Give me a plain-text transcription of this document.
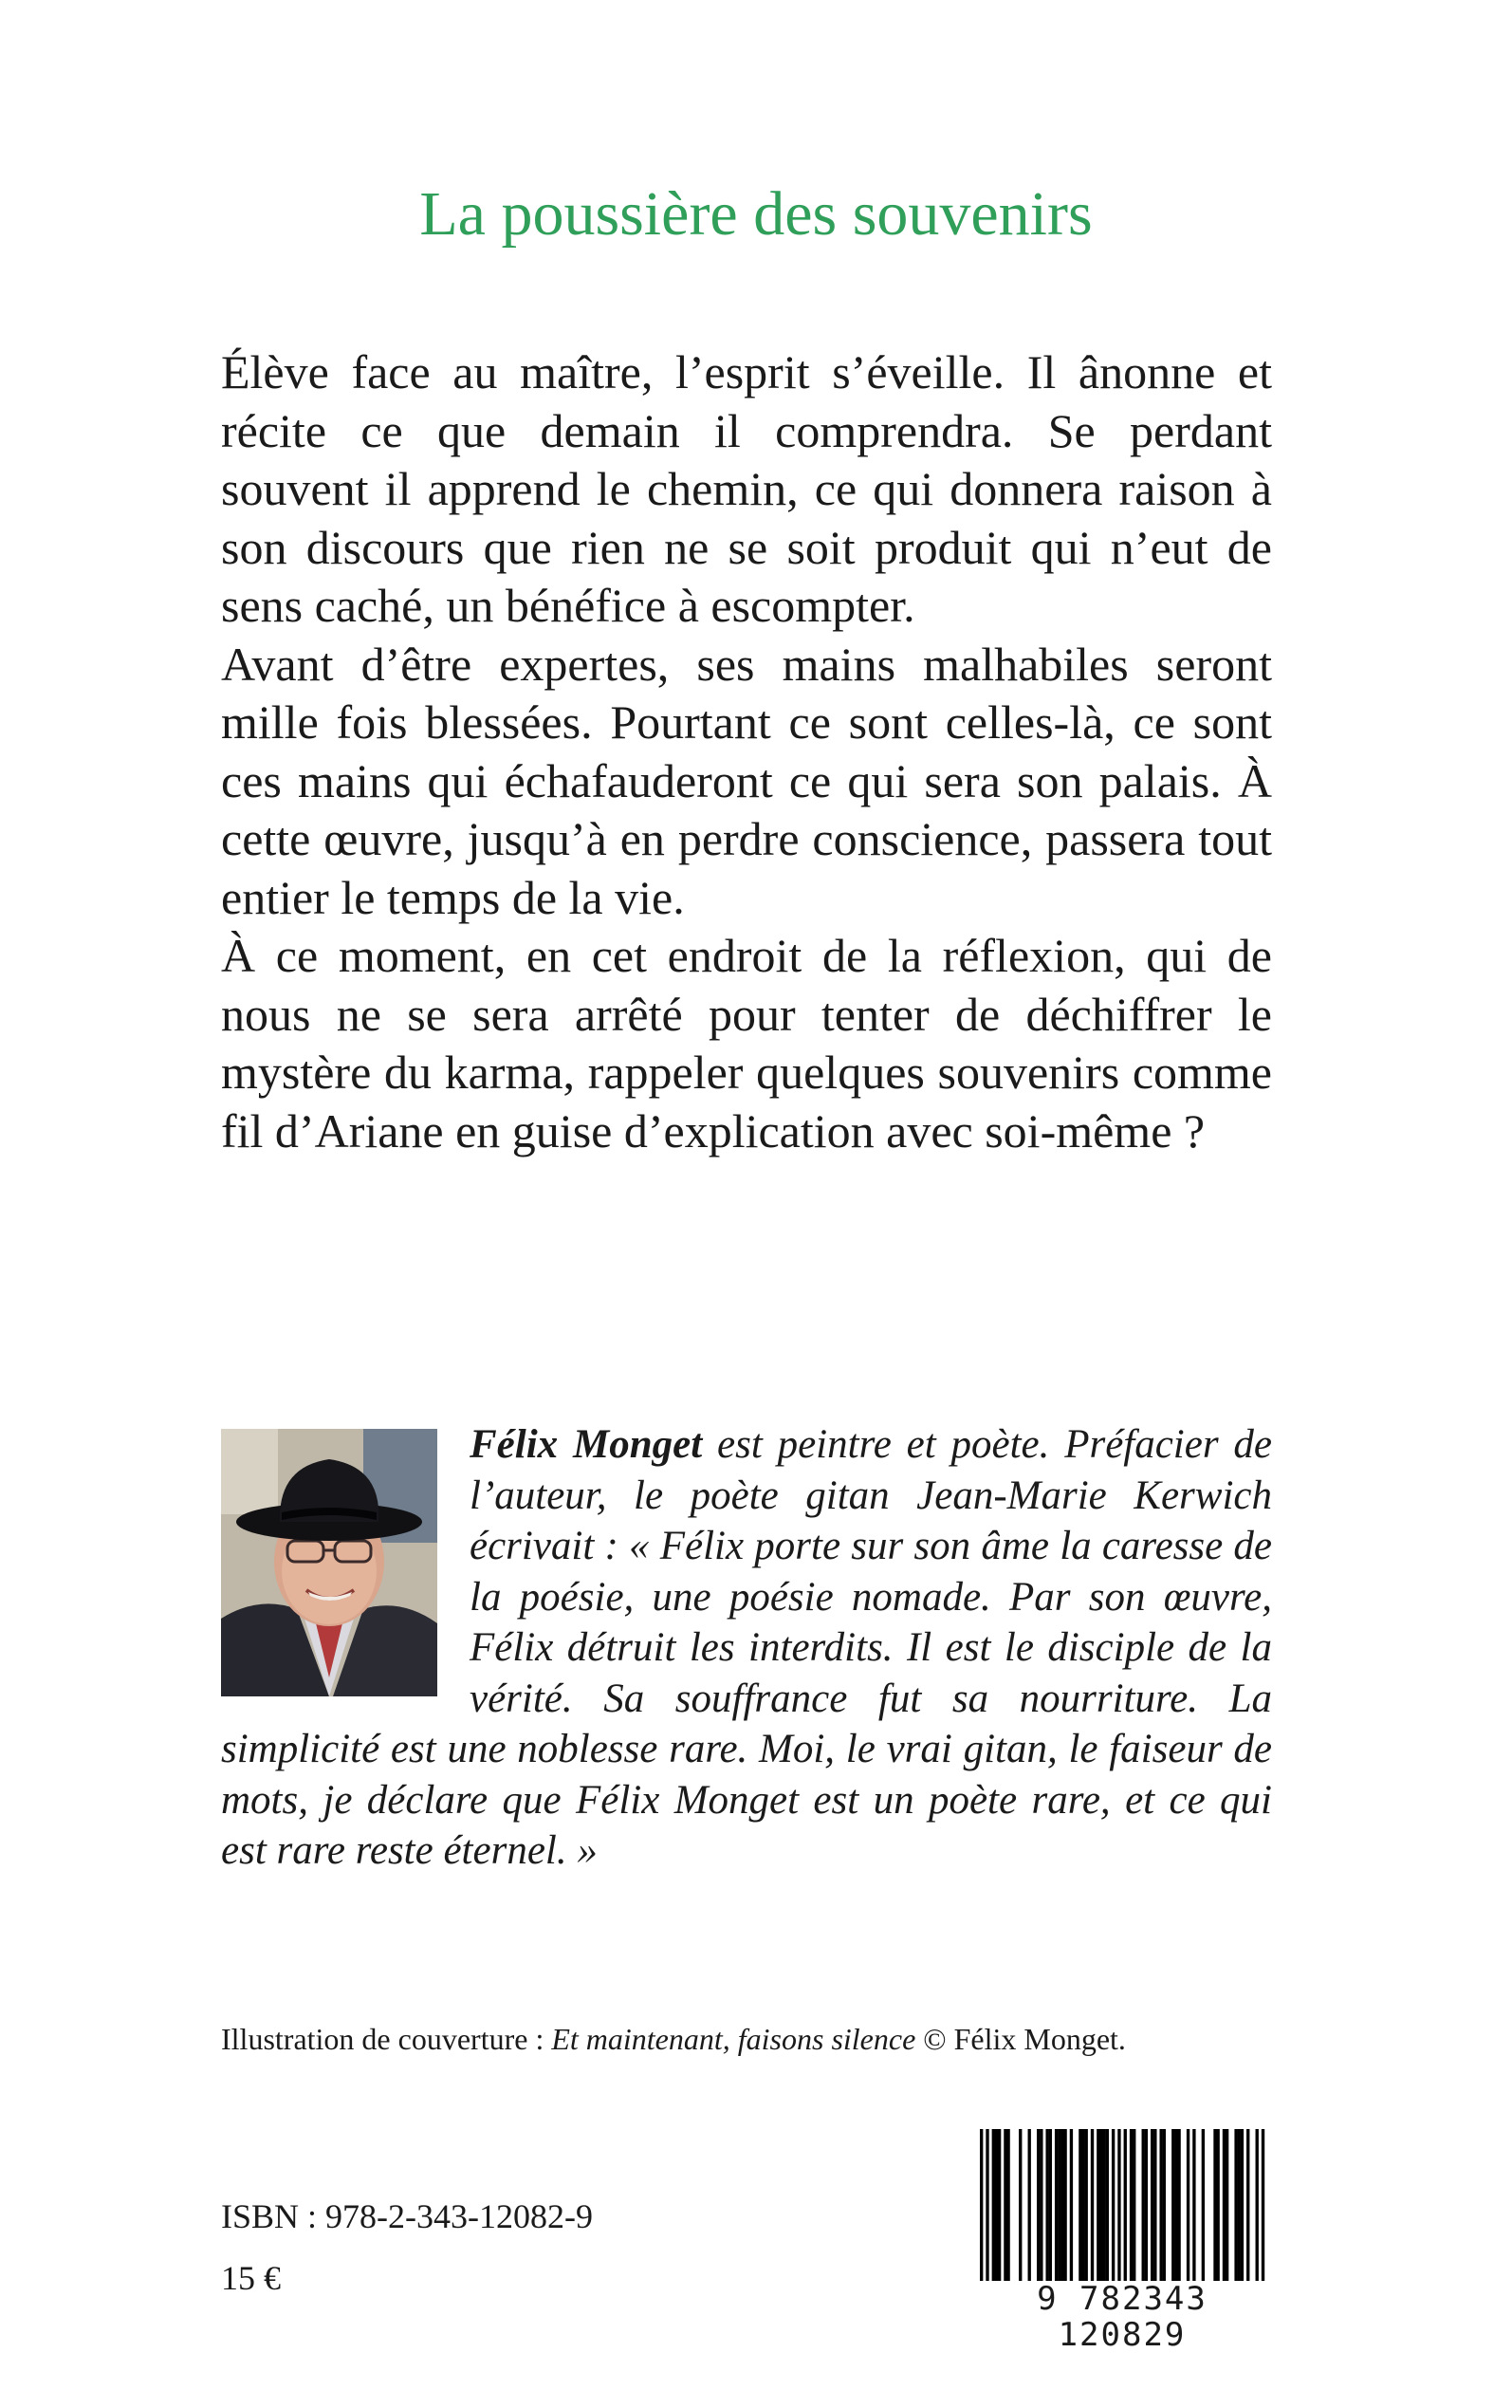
La poussière des souvenirs

Élève face au maître, l’esprit s’éveille. Il ânonne et récite ce que demain il comprendra. Se perdant souvent il apprend le chemin, ce qui donnera raison à son discours que rien ne se soit produit qui n’eut de sens caché, un bénéfice à escompter.

Avant d’être expertes, ses mains malhabiles seront mille fois blessées. Pourtant ce sont celles-là, ce sont ces mains qui échafauderont ce qui sera son palais. À cette œuvre, jusqu’à en perdre conscience, passera tout entier le temps de la vie.

À ce moment, en cet endroit de la réflexion, qui de nous ne se sera arrêté pour tenter de déchiffrer le mystère du karma, rappeler quelques souvenirs comme fil d’Ariane en guise d’explication avec soi-même ?

Félix Monget est peintre et poète. Préfacier de l’auteur, le poète gitan Jean-Marie Kerwich écrivait : « Félix porte sur son âme la caresse de la poésie, une poésie nomade. Par son œuvre, Félix détruit les interdits. Il est le disciple de la vérité. Sa souffrance fut sa nourriture. La simplicité est une noblesse rare. Moi, le vrai gitan, le faiseur de mots, je déclare que Félix Monget est un poète rare, et ce qui est rare reste éternel. »
Illustration de couverture : Et maintenant, faisons silence © Félix Monget.
ISBN : 978-2-343-12082-9
15 €
9 782343 120829
